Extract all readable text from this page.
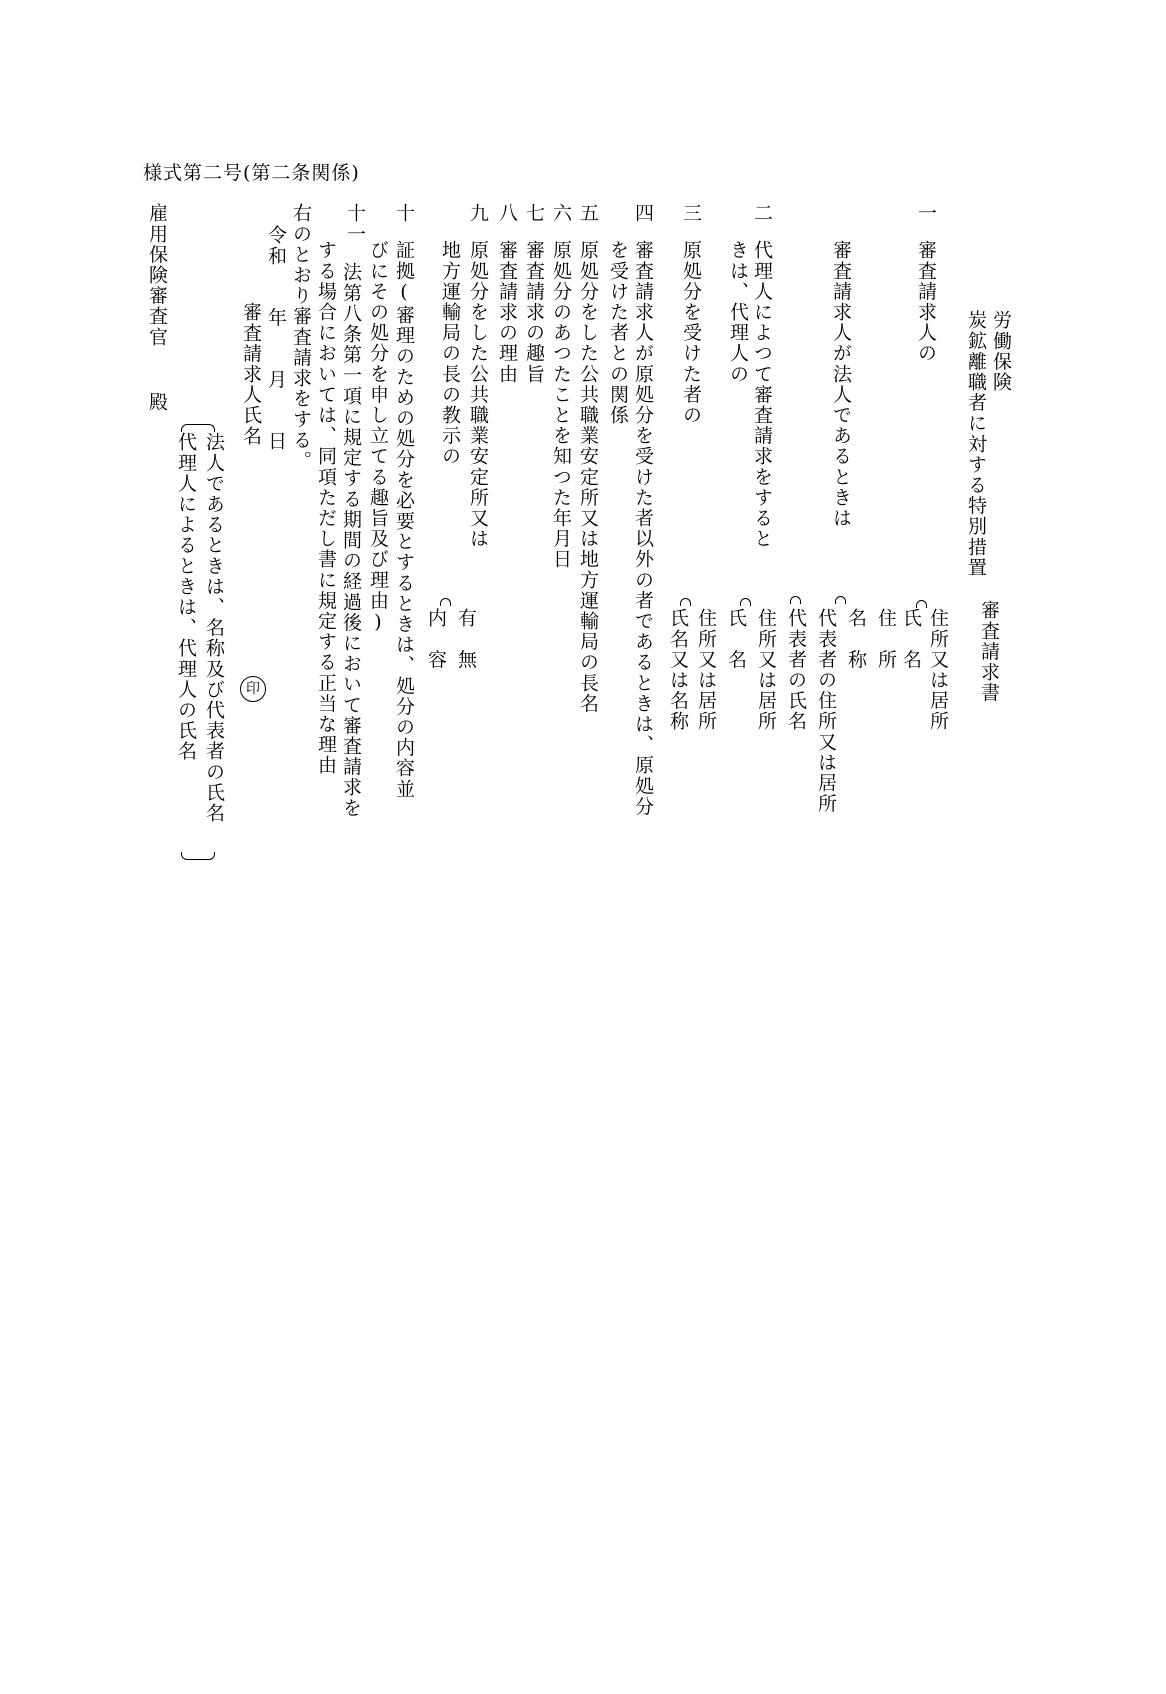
様式第二号(第二条関係)
労働保険
炭鉱離職者に対する特別措置
審査請求書
一
審査請求人の
住所又は居所
氏　名
審査請求人が法人であるときは
住　所
名　称
代表者の住所又は居所
代表者の氏名
二
代理人によつて審査請求をすると
きは、代理人の
住所又は居所
氏　名
三
原処分を受けた者の
住所又は居所
氏名又は名称
四
審査請求人が原処分を受けた者以外の者であるときは、原処分
を受けた者との関係
五
原処分をした公共職業安定所又は地方運輸局の長名
六
原処分のあつたことを知つた年月日
七
審査請求の趣旨
八
審査請求の理由
九
原処分をした公共職業安定所又は
地方運輸局の長の教示の
有　無
内　容
十
証拠(審理のための処分を必要とするときは、処分の内容並
びにその処分を申し立てる趣旨及び理由)
十一
法第八条第一項に規定する期間の経過後において審査請求を
する場合においては、同項ただし書に規定する正当な理由
右のとおり審査請求をする。
令和　　年　　月　　日
審査請求人氏名
印
法人であるときは、名称及び代表者の氏名
代理人によるときは、代理人の氏名
雇用保険審査官
殿
